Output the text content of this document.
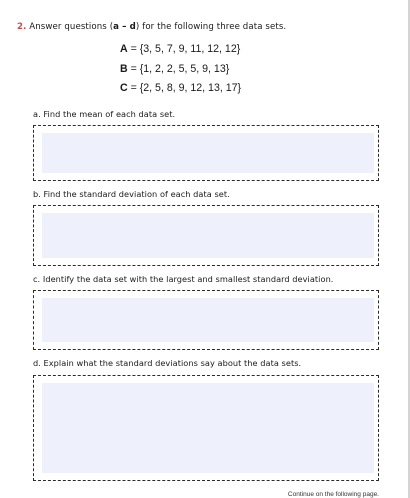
2. Answer questions (a – d) for the following three data sets.
A = {3, 5, 7, 9, 11, 12, 12}
B = {1, 2, 2, 5, 5, 9, 13}
C = {2, 5, 8, 9, 12, 13, 17}
a. Find the mean of each data set.
b. Find the standard deviation of each data set.
c. Identify the data set with the largest and smallest standard deviation.
d. Explain what the standard deviations say about the data sets.
Continue on the following page.
